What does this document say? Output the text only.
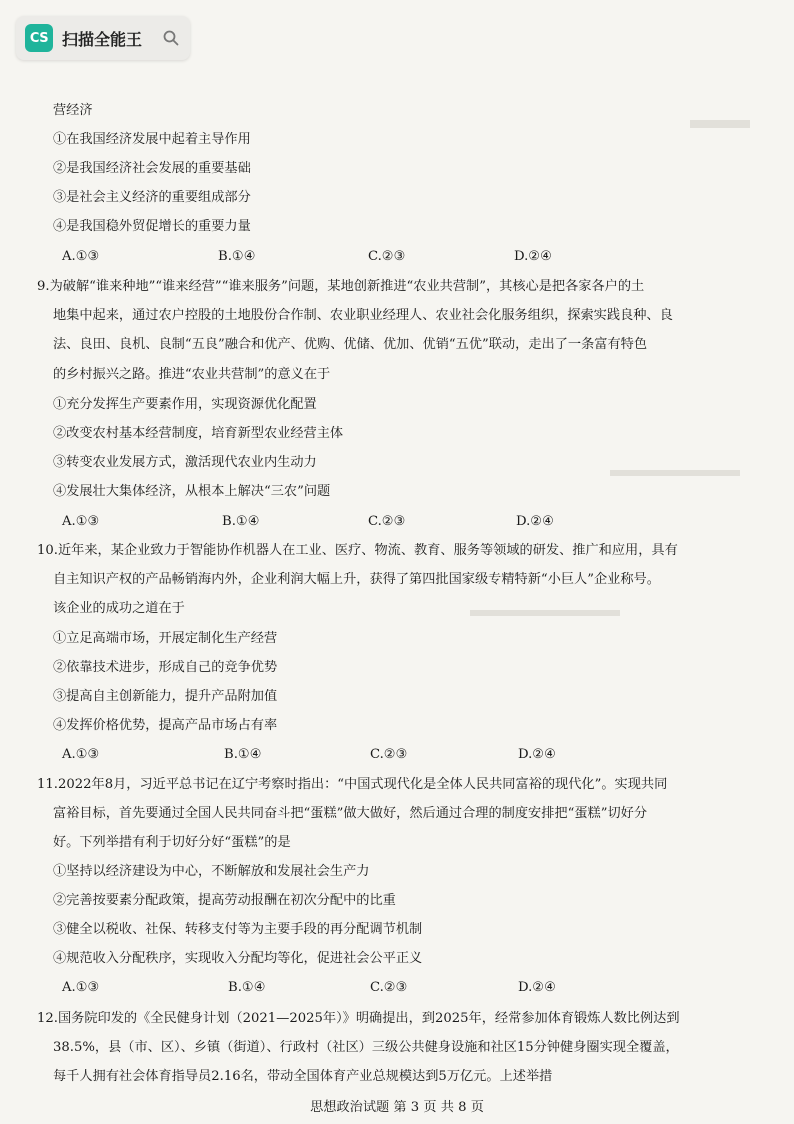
CS 扫描全能王
营经济
①在我国经济发展中起着主导作用
②是我国经济社会发展的重要基础
③是社会主义经济的重要组成部分
④是我国稳外贸促增长的重要力量
A.①③	B.①④	C.②③	D.②④
9.为破解“谁来种地”“谁来经营”“谁来服务”问题，某地创新推进“农业共营制”，其核心是把各家各户的土
地集中起来，通过农户控股的土地股份合作制、农业职业经理人、农业社会化服务组织，探索实践良种、良
法、良田、良机、良制“五良”融合和优产、优购、优储、优加、优销“五优”联动，走出了一条富有特色
的乡村振兴之路。推进“农业共营制”的意义在于
①充分发挥生产要素作用，实现资源优化配置
②改变农村基本经营制度，培育新型农业经营主体
③转变农业发展方式，激活现代农业内生动力
④发展壮大集体经济，从根本上解决“三农”问题
A.①③	B.①④	C.②③	D.②④
10.近年来，某企业致力于智能协作机器人在工业、医疗、物流、教育、服务等领域的研发、推广和应用，具有
自主知识产权的产品畅销海内外，企业利润大幅上升，获得了第四批国家级专精特新“小巨人”企业称号。
该企业的成功之道在于
①立足高端市场，开展定制化生产经营
②依靠技术进步，形成自己的竞争优势
③提高自主创新能力，提升产品附加值
④发挥价格优势，提高产品市场占有率
A.①③	B.①④	C.②③	D.②④
11.2022年8月，习近平总书记在辽宁考察时指出：“中国式现代化是全体人民共同富裕的现代化”。实现共同
富裕目标，首先要通过全国人民共同奋斗把“蛋糕”做大做好，然后通过合理的制度安排把“蛋糕”切好分
好。下列举措有利于切好分好“蛋糕”的是
①坚持以经济建设为中心，不断解放和发展社会生产力
②完善按要素分配政策，提高劳动报酬在初次分配中的比重
③健全以税收、社保、转移支付等为主要手段的再分配调节机制
④规范收入分配秩序，实现收入分配均等化，促进社会公平正义
A.①③	B.①④	C.②③	D.②④
12.国务院印发的《全民健身计划（2021—2025年）》明确提出，到2025年，经常参加体育锻炼人数比例达到
38.5%，县（市、区）、乡镇（街道）、行政村（社区）三级公共健身设施和社区15分钟健身圈实现全覆盖，
每千人拥有社会体育指导员2.16名，带动全国体育产业总规模达到5万亿元。上述举措
思想政治试题 第 3 页 共 8 页
